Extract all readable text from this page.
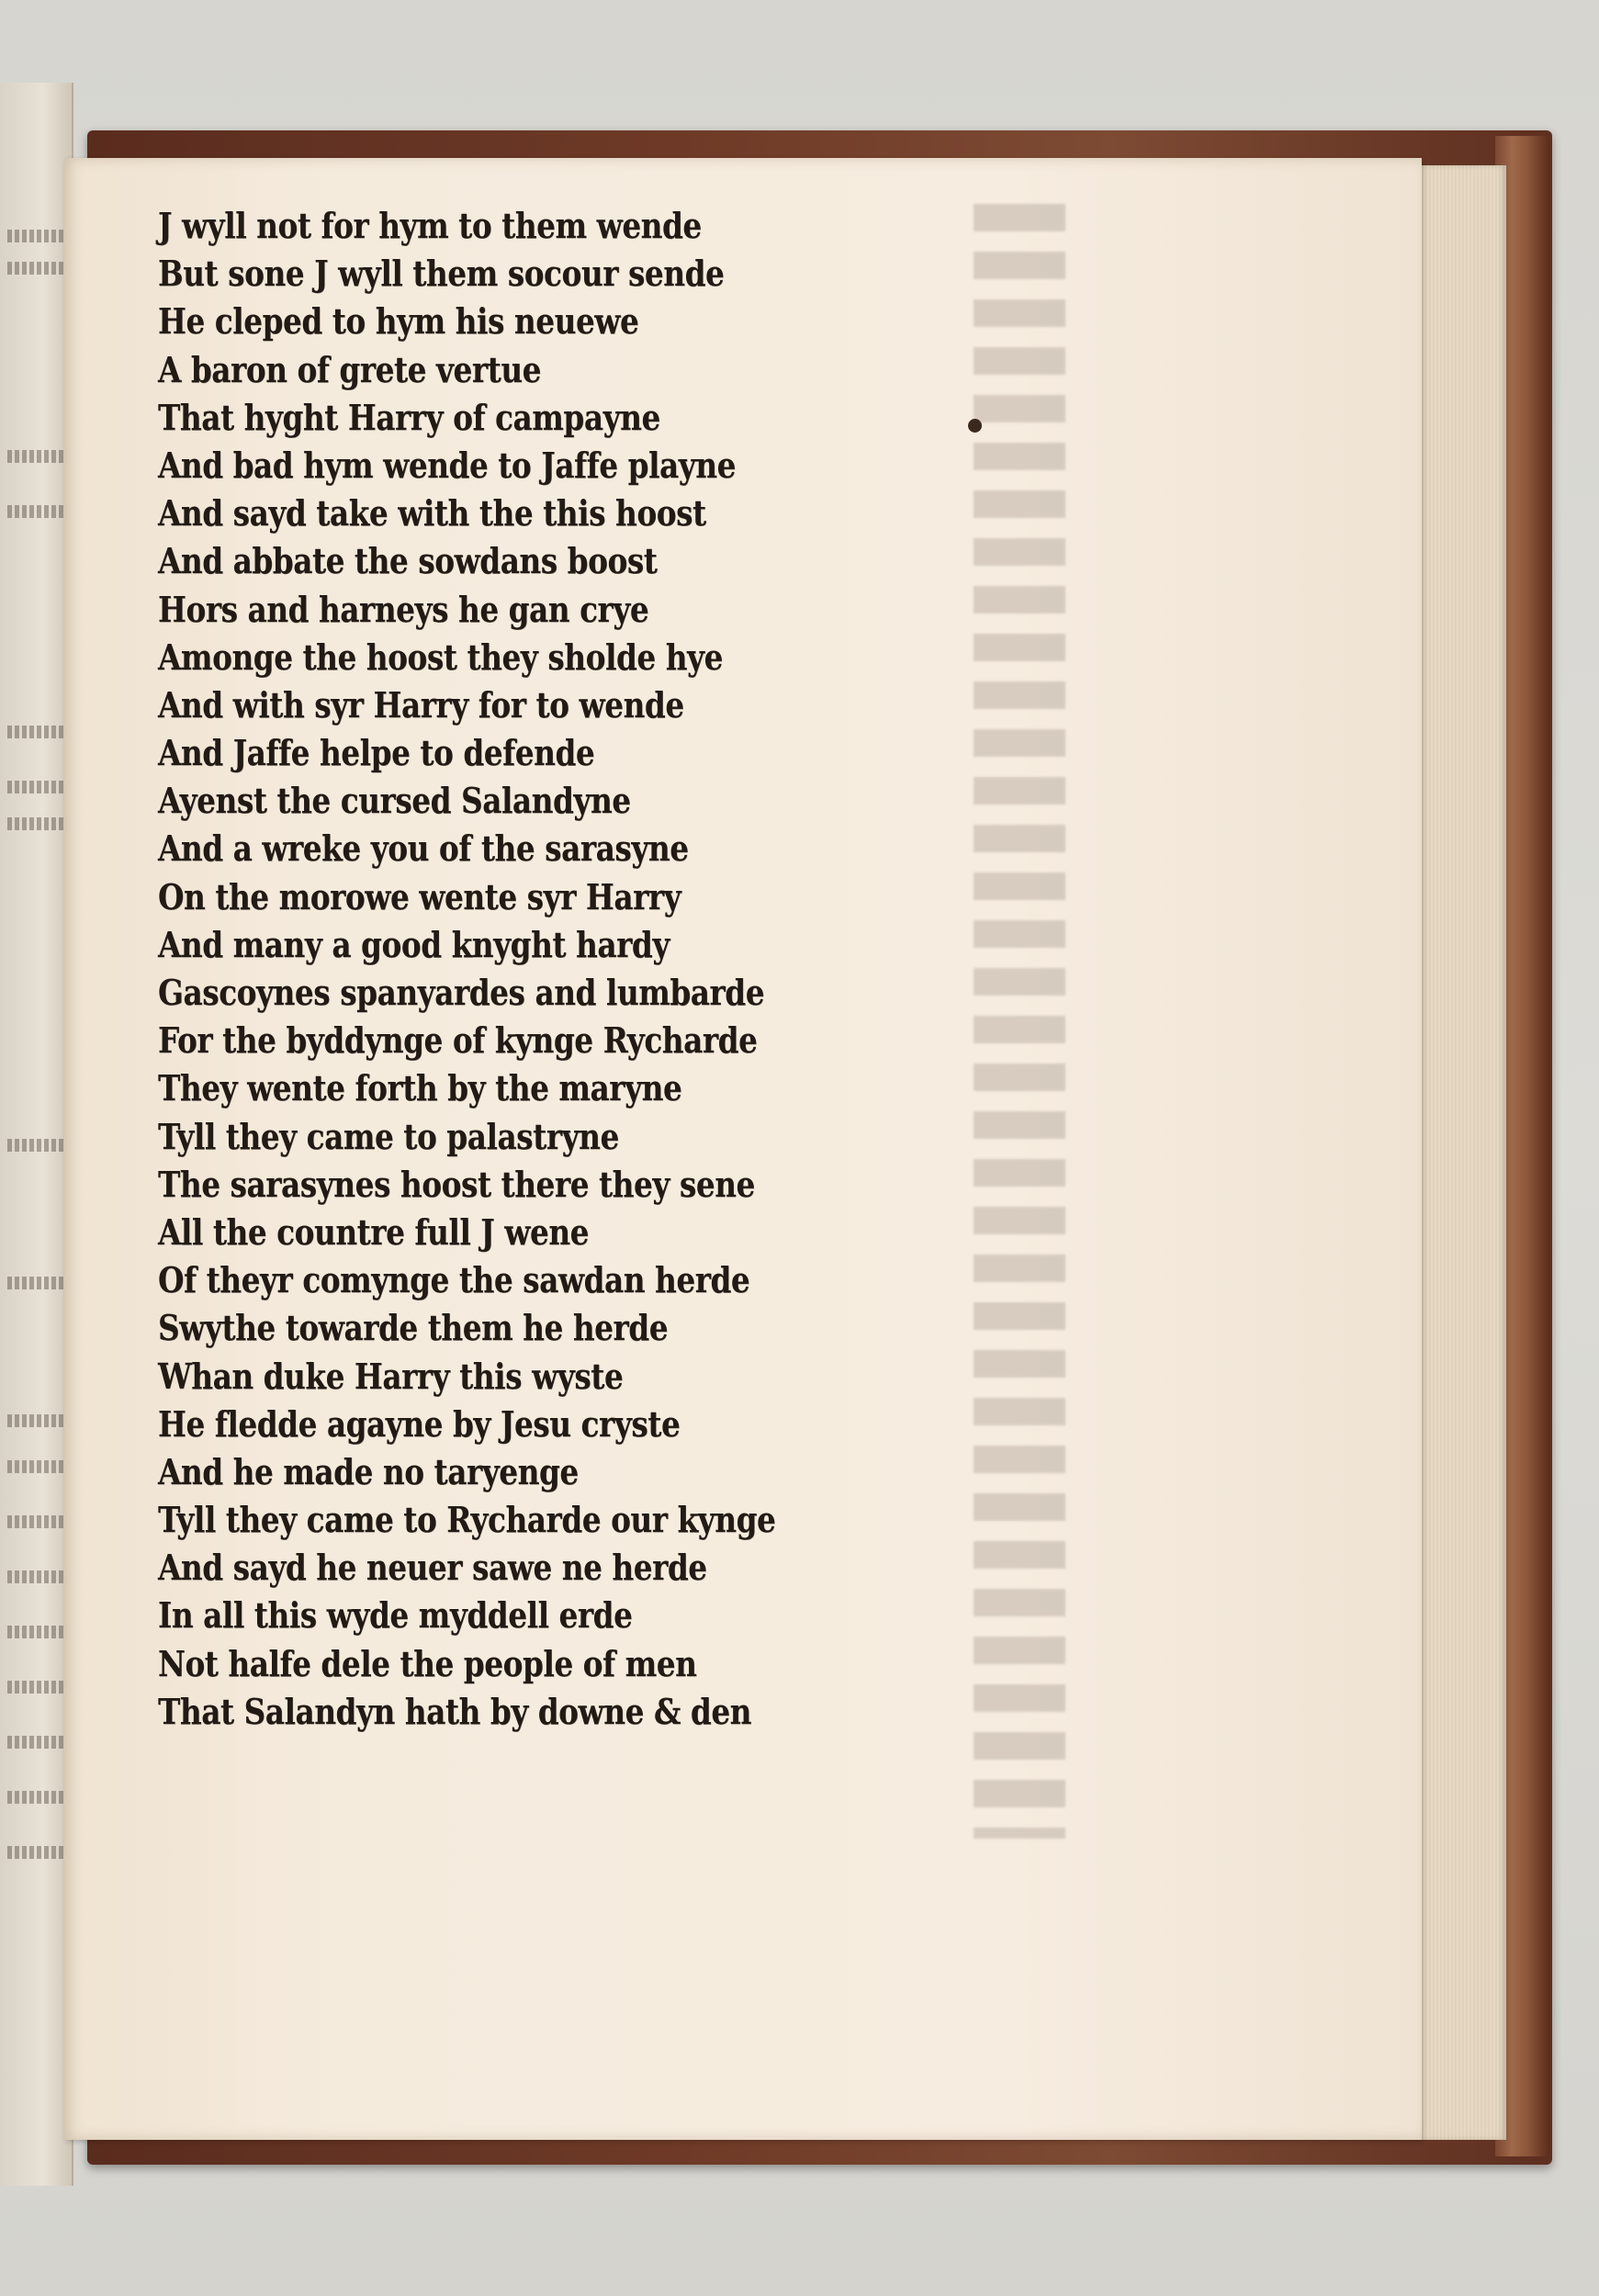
J wyll not for hym to them wende
But sone J wyll them socour sende
He cleped to hym his neuewe
A baron of grete vertue
That hyght Harry of campayne
And bad hym wende to Jaffe playne
And sayd take with the this hoost
And abbate the sowdans boost
Hors and harneys he gan crye
Amonge the hoost they sholde hye
And with syr Harry for to wende
And Jaffe helpe to defende
Ayenst the cursed Salandyne
And a wreke you of the sarasyne
On the morowe wente syr Harry
And many a good knyght hardy
Gascoynes spanyardes and lumbarde
For the byddynge of kynge Rycharde
They wente forth by the maryne
Tyll they came to palastryne
The sarasynes hoost there they sene
All the countre full J wene
Of theyr comynge the sawdan herde
Swythe towarde them he herde
Whan duke Harry this wyste
He fledde agayne by Jesu cryste
And he made no taryenge
Tyll they came to Rycharde our kynge
And sayd he neuer sawe ne herde
In all this wyde myddell erde
Not halfe dele the people of men
That Salandyn hath by downe & den
